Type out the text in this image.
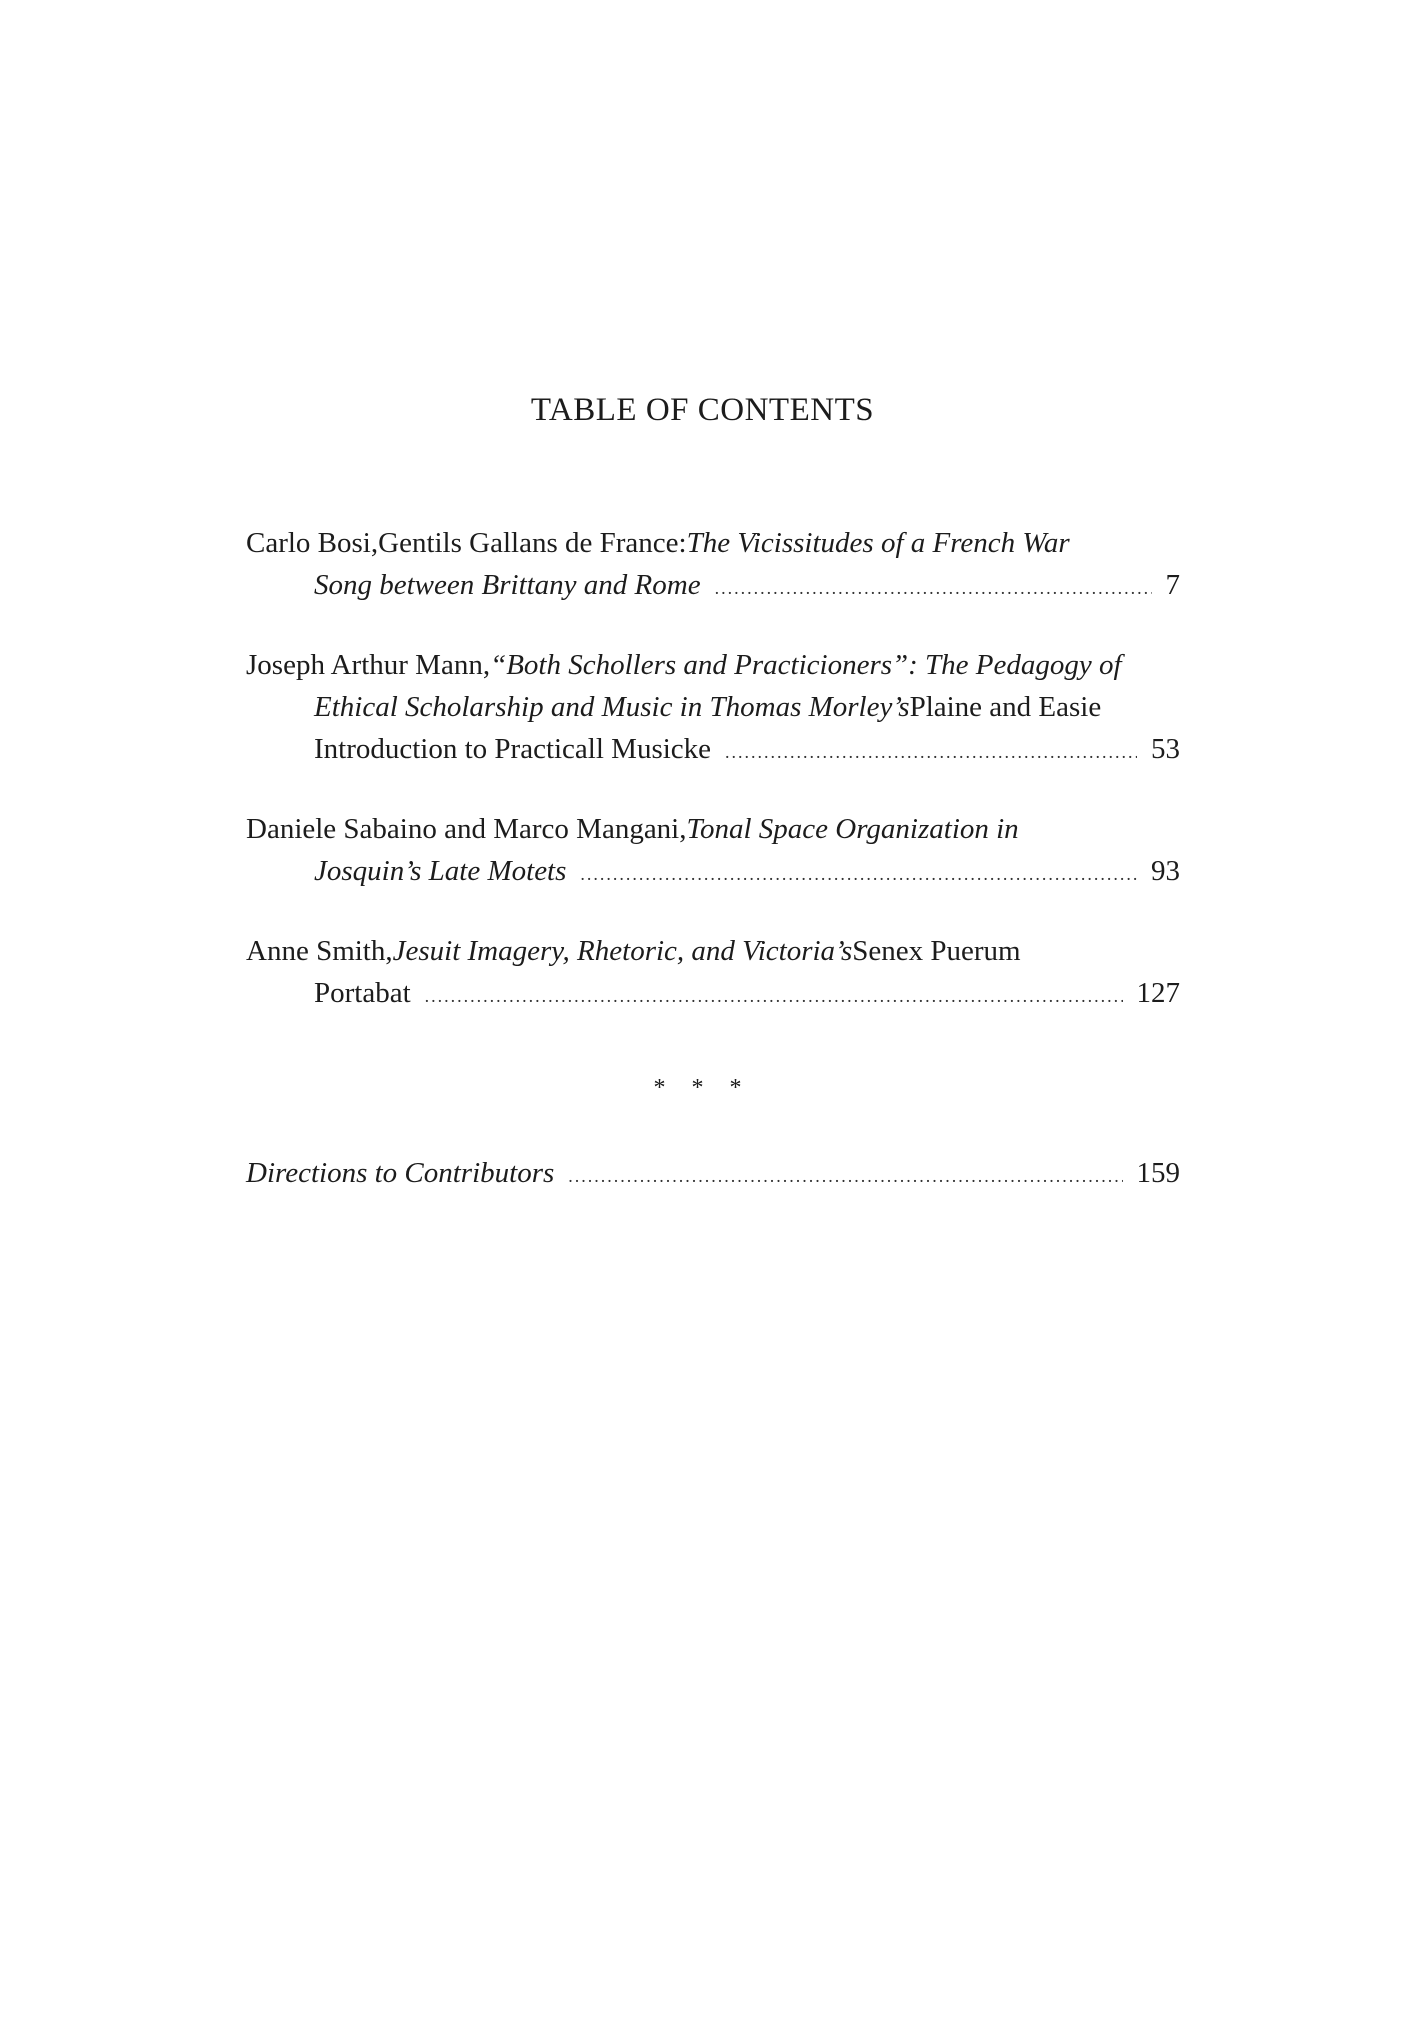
TABLE OF CONTENTS
Carlo Bosi, Gentils Gallans de France: The Vicissitudes of a French War
Song between Brittany and Rome .....	7
Joseph Arthur Mann, “Both Schollers and Practicioners”: The Pedagogy of
Ethical Scholarship and Music in Thomas Morley’s Plaine and Easie
Introduction to Practicall Musicke .....	53
Daniele Sabaino and Marco Mangani, Tonal Space Organization in
Josquin’s Late Motets .....	93
Anne Smith, Jesuit Imagery, Rhetoric, and Victoria’s Senex Puerum
Portabat .....	127
* * *
Directions to Contributors .....	159
